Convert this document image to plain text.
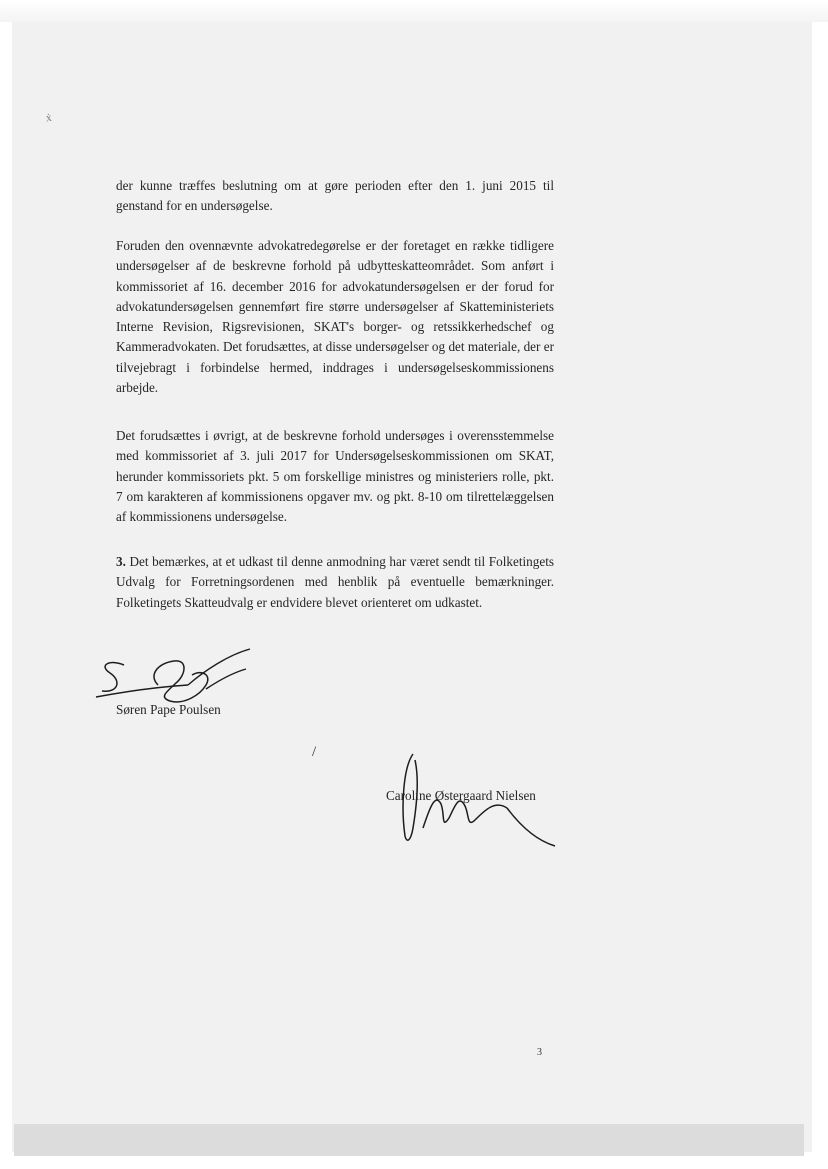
ẋ

der kunne træffes beslutning om at gøre perioden efter den 1. juni 2015 til genstand for en undersøgelse.

Foruden den ovennævnte advokatredegørelse er der foretaget en række tidligere undersøgelser af de beskrevne forhold på udbytteskatteområdet. Som anført i kommissoriet af 16. december 2016 for advokatundersøgelsen er der forud for advokatundersøgelsen gennemført fire større undersøgelser af Skatteministeriets Interne Revision, Rigsrevisionen, SKAT's borger- og retssikkerhedschef og Kammeradvokaten. Det forudsættes, at disse undersøgelser og det materiale, der er tilvejebragt i forbindelse hermed, inddrages i undersøgelseskommissionens arbejde.

Det forudsættes i øvrigt, at de beskrevne forhold undersøges i overensstemmelse med kommissoriet af 3. juli 2017 for Undersøgelseskommissionen om SKAT, herunder kommissoriets pkt. 5 om forskellige ministres og ministeriers rolle, pkt. 7 om karakteren af kommissionens opgaver mv. og pkt. 8-10 om tilrettelæggelsen af kommissionens undersøgelse.

3. Det bemærkes, at et udkast til denne anmodning har været sendt til Folketingets Udvalg for Forretningsordenen med henblik på eventuelle bemærkninger. Folketingets Skatteudvalg er endvidere blevet orienteret om udkastet.

Søren Pape Poulsen
/
Caroline Østergaard Nielsen
3
